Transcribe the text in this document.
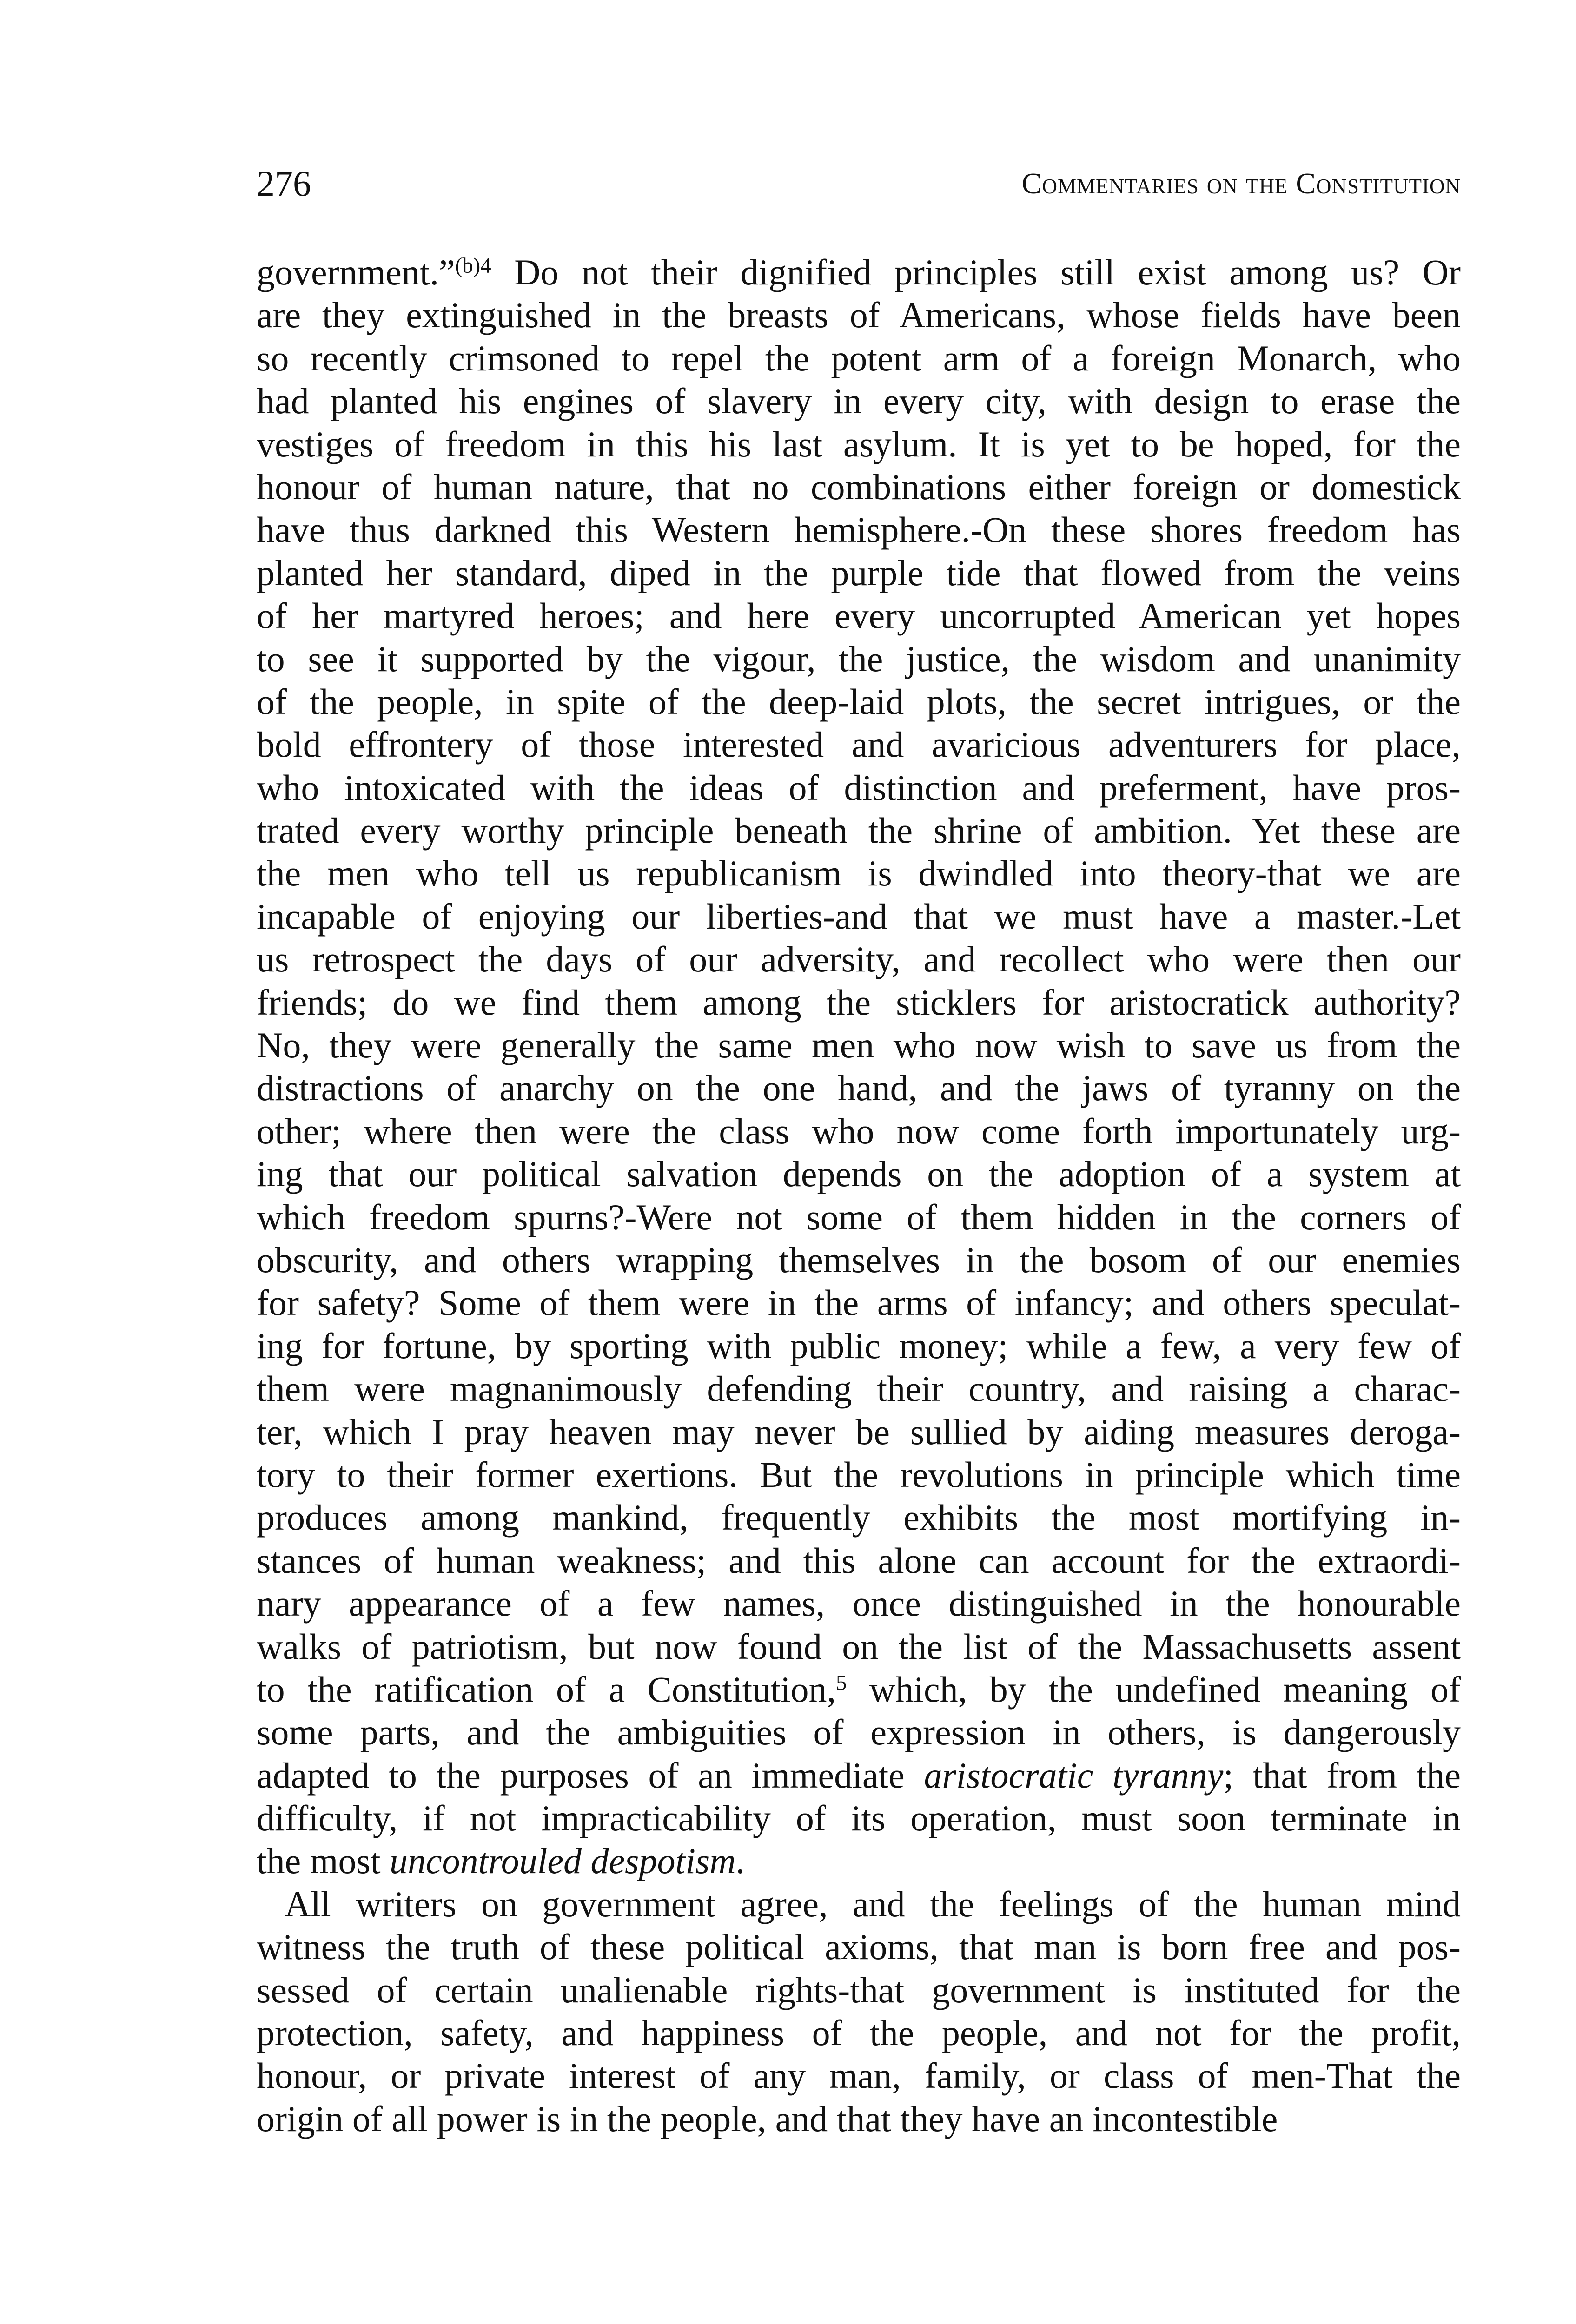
276	Commentaries on the Constitution
government.”$^{(b)4}$ Do not their dignified principles still exist among us? Or
are they extinguished in the breasts of Americans, whose fields have been
so recently crimsoned to repel the potent arm of a foreign Monarch, who
had planted his engines of slavery in every city, with design to erase the
vestiges of freedom in this his last asylum. It is yet to be hoped, for the
honour of human nature, that no combinations either foreign or domestick
have thus darkned this Western hemisphere.-On these shores freedom has
planted her standard, diped in the purple tide that flowed from the veins
of her martyred heroes; and here every uncorrupted American yet hopes
to see it supported by the vigour, the justice, the wisdom and unanimity
of the people, in spite of the deep-laid plots, the secret intrigues, or the
bold effrontery of those interested and avaricious adventurers for place,
who intoxicated with the ideas of distinction and preferment, have pros-
trated every worthy principle beneath the shrine of ambition. Yet these are
the men who tell us republicanism is dwindled into theory-that we are
incapable of enjoying our liberties-and that we must have a master.-Let
us retrospect the days of our adversity, and recollect who were then our
friends; do we find them among the sticklers for aristocratick authority?
No, they were generally the same men who now wish to save us from the
distractions of anarchy on the one hand, and the jaws of tyranny on the
other; where then were the class who now come forth importunately urg-
ing that our political salvation depends on the adoption of a system at
which freedom spurns?-Were not some of them hidden in the corners of
obscurity, and others wrapping themselves in the bosom of our enemies
for safety? Some of them were in the arms of infancy; and others speculat-
ing for fortune, by sporting with public money; while a few, a very few of
them were magnanimously defending their country, and raising a charac-
ter, which I pray heaven may never be sullied by aiding measures deroga-
tory to their former exertions. But the revolutions in principle which time
produces among mankind, frequently exhibits the most mortifying in-
stances of human weakness; and this alone can account for the extraordi-
nary appearance of a few names, once distinguished in the honourable
walks of patriotism, but now found on the list of the Massachusetts assent
to the ratification of a Constitution,$^5$ which, by the undefined meaning of
some parts, and the ambiguities of expression in others, is dangerously
adapted to the purposes of an immediate aristocratic tyranny; that from the
difficulty, if not impracticability of its operation, must soon terminate in
the most uncontrouled despotism.
All writers on government agree, and the feelings of the human mind
witness the truth of these political axioms, that man is born free and pos-
sessed of certain unalienable rights-that government is instituted for the
protection, safety, and happiness of the people, and not for the profit,
honour, or private interest of any man, family, or class of men-That the
origin of all power is in the people, and that they have an incontestible
